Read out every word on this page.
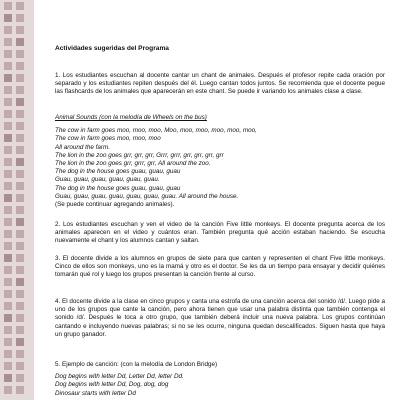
Actividades sugeridas del Programa
1. Los estudiantes escuchan al docente cantar un chant de animales. Después el profesor repite cada oración por separado y los estudiantes repiten después del él. Luego cantan todos juntos. Se recomienda que el docente pegue las flashcards de los animales que aparecerán en este chant. Se puede ir variando los animales clase a clase.
Animal Sounds (con la melodía de Wheels on the bus)
The cow in farm goes moo, moo, moo, Moo, moo, moo, moo, moo, moo,
The cow in farm goes moo, moo, moo
All around the farm.
The lion in the zoo goes grr, grr, grr, Grrr, grrr, grr, grr, grr, grr
The lion in the zoo goes grr, grrr, grr, All around the zoo.
The dog in the house goes guau, guau, guau
Guau, guau, guau, guau, guau, guau.
The dog in the house goes guau, guau, guau
Guau, guau, guau, guau, guau, guau, guau. All around the house.
(Se puede continuar agregando animales).
2. Los estudiantes escuchan y ven el video de la canción Five little monkeys. El docente pregunta acerca de los animales aparecen en el video y cuántos eran. También pregunta qué acción estaban haciendo. Se escucha nuevamente el chant y los alumnos cantan y saltan.
3. El docente divide a los alumnos en grupos de siete para que canten y representen el chant Five little monkeys. Cinco de ellos son monkeys, uno es la mamá y otro es el doctor. Se les da un tiempo para ensayar y decidir quiénes tomarán qué rol y luego los grupos presentan la canción frente al curso.
4. El docente divide a la clase en cinco grupos y canta una estrofa de una canción acerca del sonido /d/. Luego pide a uno de los grupos que cante la canción, pero ahora tienen que usar una palabra distinta que también contenga el sonido /d/. Después le toca a otro grupo, que también deberá incluir una nueva palabra. Los grupos continúan cantando e incluyendo nuevas palabras; si no se les ocurre, ninguna quedan descalificados. Siguen hasta que haya un grupo ganador.
5. Ejemplo de canción: (con la melodía de London Bridge)
Dog begins with letter Dd, Letter Dd, letter Dd.
Dog begins with letter Dd, Dog, dog, dog
Dinosaur starts with letter Dd
